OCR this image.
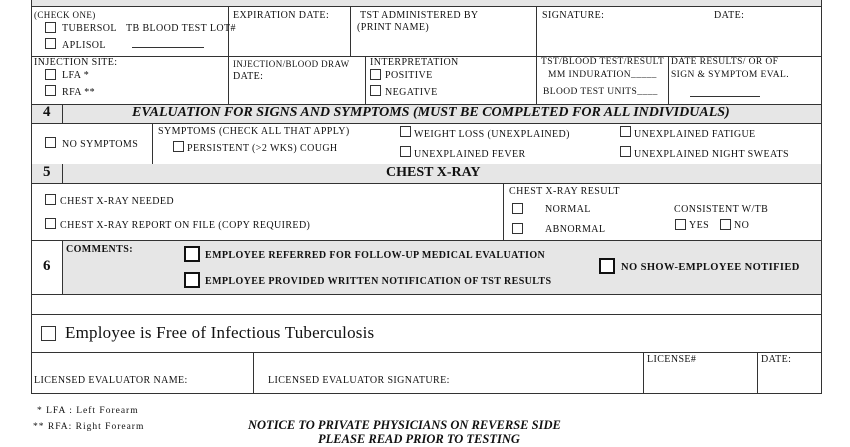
(CHECK ONE)
TUBERSOL TB BLOOD TEST LOT#
APLISOL
EXPIRATION DATE:	TST ADMINISTERED BY
(PRINT NAME)
SIGNATURE:	DATE:
INJECTION SITE:
LFA *
RFA **
INJECTION/BLOOD DRAW
DATE:
INTERPRETATION
POSITIVE
NEGATIVE
TST/BLOOD TEST/RESULT
MM INDURATION_____
BLOOD TEST UNITS____
DATE RESULTS/ OR OF
SIGN & SYMPTOM EVAL.
4	EVALUATION FOR SIGNS AND SYMPTOMS (MUST BE COMPLETED FOR ALL INDIVIDUALS)
NO SYMPTOMS
SYMPTOMS (CHECK ALL THAT APPLY)
PERSISTENT (>2 WKS) COUGH
WEIGHT LOSS (UNEXPLAINED)
UNEXPLAINED FEVER
UNEXPLAINED FATIGUE
UNEXPLAINED NIGHT SWEATS
5	CHEST X-RAY
CHEST X-RAY NEEDED
CHEST X-RAY REPORT ON FILE (COPY REQUIRED)
CHEST X-RAY RESULT
NORMAL
ABNORMAL
CONSISTENT W/TB
YES NO
6
COMMENTS:
EMPLOYEE REFERRED FOR FOLLOW-UP MEDICAL EVALUATION
EMPLOYEE PROVIDED WRITTEN NOTIFICATION OF TST RESULTS
NO SHOW-EMPLOYEE NOTIFIED
Employee is Free of Infectious Tuberculosis
LICENSED EVALUATOR NAME:	LICENSED EVALUATOR SIGNATURE:
LICENSE#	DATE:
* LFA : Left Forearm
** RFA: Right Forearm	NOTICE TO PRIVATE PHYSICIANS ON REVERSE SIDE
PLEASE READ PRIOR TO TESTING
